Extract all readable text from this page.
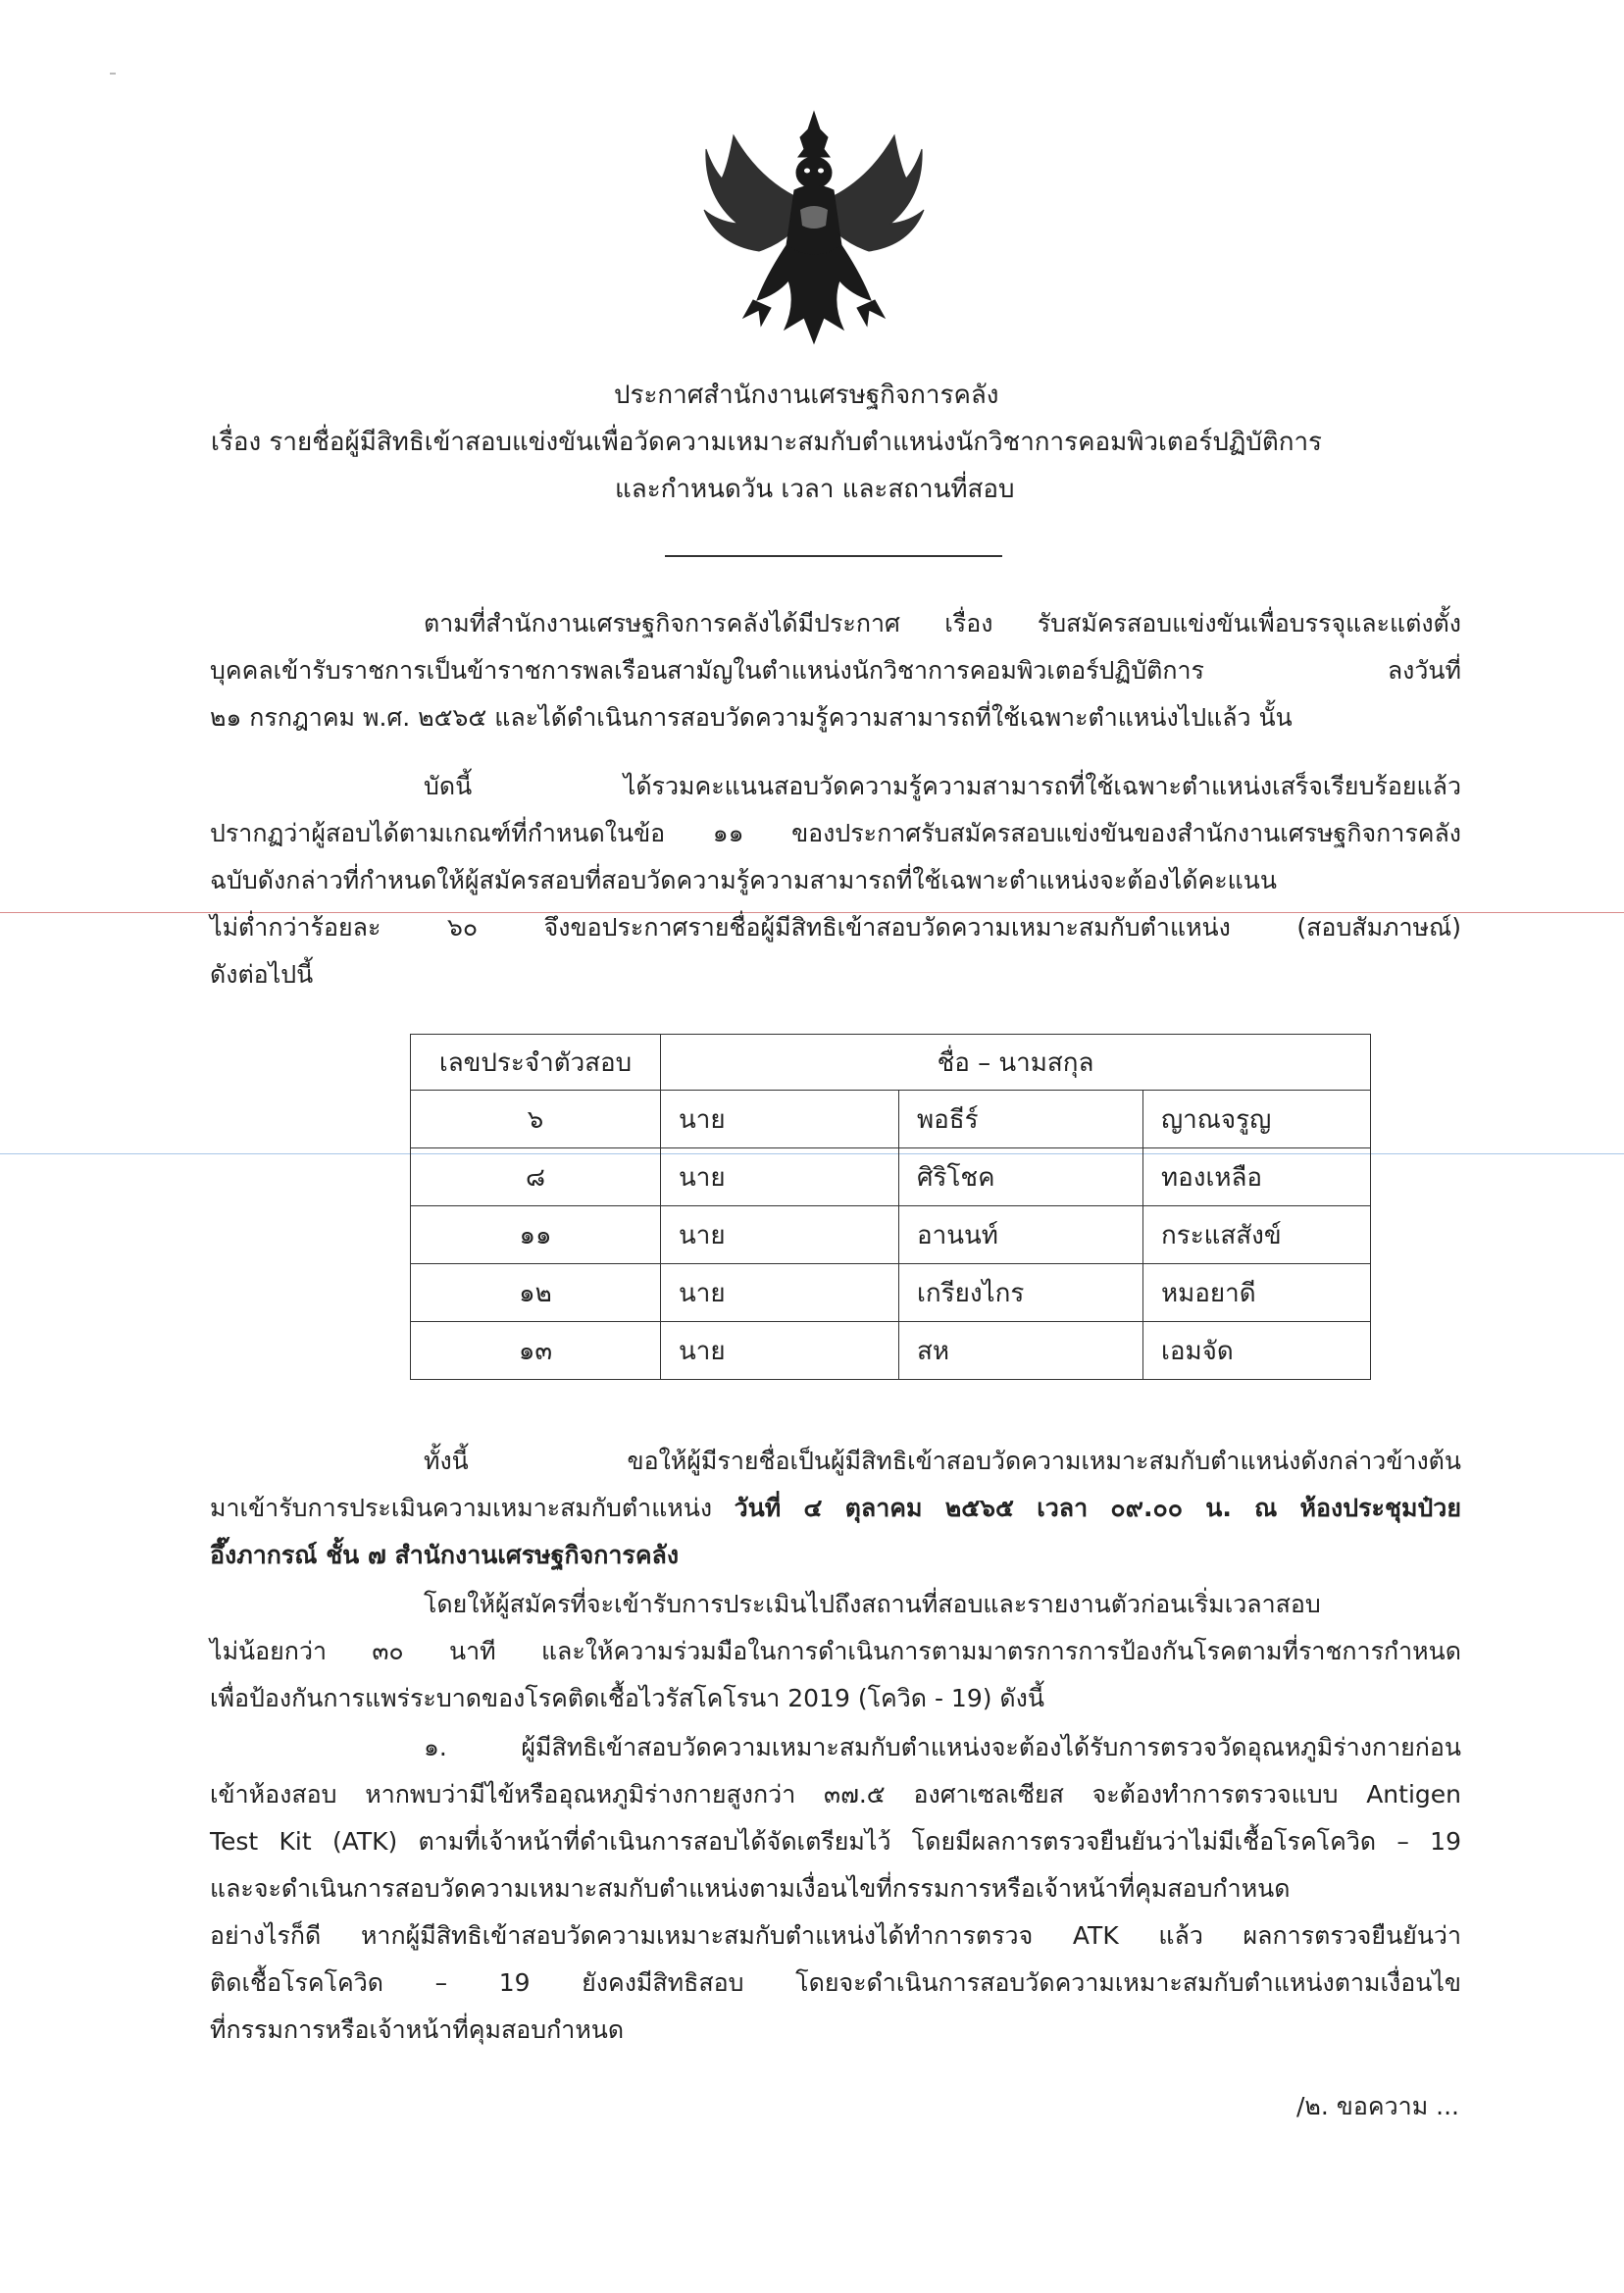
ประกาศสำนักงานเศรษฐกิจการคลัง
เรื่อง รายชื่อผู้มีสิทธิเข้าสอบแข่งขันเพื่อวัดความเหมาะสมกับตำแหน่งนักวิชาการคอมพิวเตอร์ปฏิบัติการ
และกำหนดวัน เวลา และสถานที่สอบ
ตามที่สำนักงานเศรษฐกิจการคลังได้มีประกาศ เรื่อง รับสมัครสอบแข่งขันเพื่อบรรจุและแต่งตั้ง
บุคคลเข้ารับราชการเป็นข้าราชการพลเรือนสามัญในตำแหน่งนักวิชาการคอมพิวเตอร์ปฏิบัติการ ลงวันที่
๒๑ กรกฎาคม พ.ศ. ๒๕๖๕ และได้ดำเนินการสอบวัดความรู้ความสามารถที่ใช้เฉพาะตำแหน่งไปแล้ว นั้น
บัดนี้ ได้รวมคะแนนสอบวัดความรู้ความสามารถที่ใช้เฉพาะตำแหน่งเสร็จเรียบร้อยแล้ว
ปรากฏว่าผู้สอบได้ตามเกณฑ์ที่กำหนดในข้อ ๑๑ ของประกาศรับสมัครสอบแข่งขันของสำนักงานเศรษฐกิจการคลัง
ฉบับดังกล่าวที่กำหนดให้ผู้สมัครสอบที่สอบวัดความรู้ความสามารถที่ใช้เฉพาะตำแหน่งจะต้องได้คะแนน
ไม่ต่ำกว่าร้อยละ ๖๐ จึงขอประกาศรายชื่อผู้มีสิทธิเข้าสอบวัดความเหมาะสมกับตำแหน่ง (สอบสัมภาษณ์)
ดังต่อไปนี้
เลขประจำตัวสอบ	ชื่อ – นามสกุล		
๖	นาย	พอธีร์	ญาณจรูญ
๘	นาย	ศิริโชค	ทองเหลือ
๑๑	นาย	อานนท์	กระแสสังข์
๑๒	นาย	เกรียงไกร	หมอยาดี
๑๓	นาย	สห	เอมจัด
ทั้งนี้ ขอให้ผู้มีรายชื่อเป็นผู้มีสิทธิเข้าสอบวัดความเหมาะสมกับตำแหน่งดังกล่าวข้างต้น
มาเข้ารับการประเมินความเหมาะสมกับตำแหน่ง วันที่ ๔ ตุลาคม ๒๕๖๕ เวลา ๐๙.๐๐ น. ณ ห้องประชุมป๋วย
อึ๊งภากรณ์ ชั้น ๗ สำนักงานเศรษฐกิจการคลัง
โดยให้ผู้สมัครที่จะเข้ารับการประเมินไปถึงสถานที่สอบและรายงานตัวก่อนเริ่มเวลาสอบ
ไม่น้อยกว่า ๓๐ นาที และให้ความร่วมมือในการดำเนินการตามมาตรการการป้องกันโรคตามที่ราชการกำหนด
เพื่อป้องกันการแพร่ระบาดของโรคติดเชื้อไวรัสโคโรนา 2019 (โควิด - 19) ดังนี้
๑. ผู้มีสิทธิเข้าสอบวัดความเหมาะสมกับตำแหน่งจะต้องได้รับการตรวจวัดอุณหภูมิร่างกายก่อน
เข้าห้องสอบ หากพบว่ามีไข้หรืออุณหภูมิร่างกายสูงกว่า ๓๗.๕ องศาเซลเซียส จะต้องทำการตรวจแบบ Antigen
Test Kit (ATK) ตามที่เจ้าหน้าที่ดำเนินการสอบได้จัดเตรียมไว้ โดยมีผลการตรวจยืนยันว่าไม่มีเชื้อโรคโควิด – 19
และจะดำเนินการสอบวัดความเหมาะสมกับตำแหน่งตามเงื่อนไขที่กรรมการหรือเจ้าหน้าที่คุมสอบกำหนด
อย่างไรก็ดี หากผู้มีสิทธิเข้าสอบวัดความเหมาะสมกับตำแหน่งได้ทำการตรวจ ATK แล้ว ผลการตรวจยืนยันว่า
ติดเชื้อโรคโควิด – 19 ยังคงมีสิทธิสอบ โดยจะดำเนินการสอบวัดความเหมาะสมกับตำแหน่งตามเงื่อนไข
ที่กรรมการหรือเจ้าหน้าที่คุมสอบกำหนด
/๒. ขอความ ...
